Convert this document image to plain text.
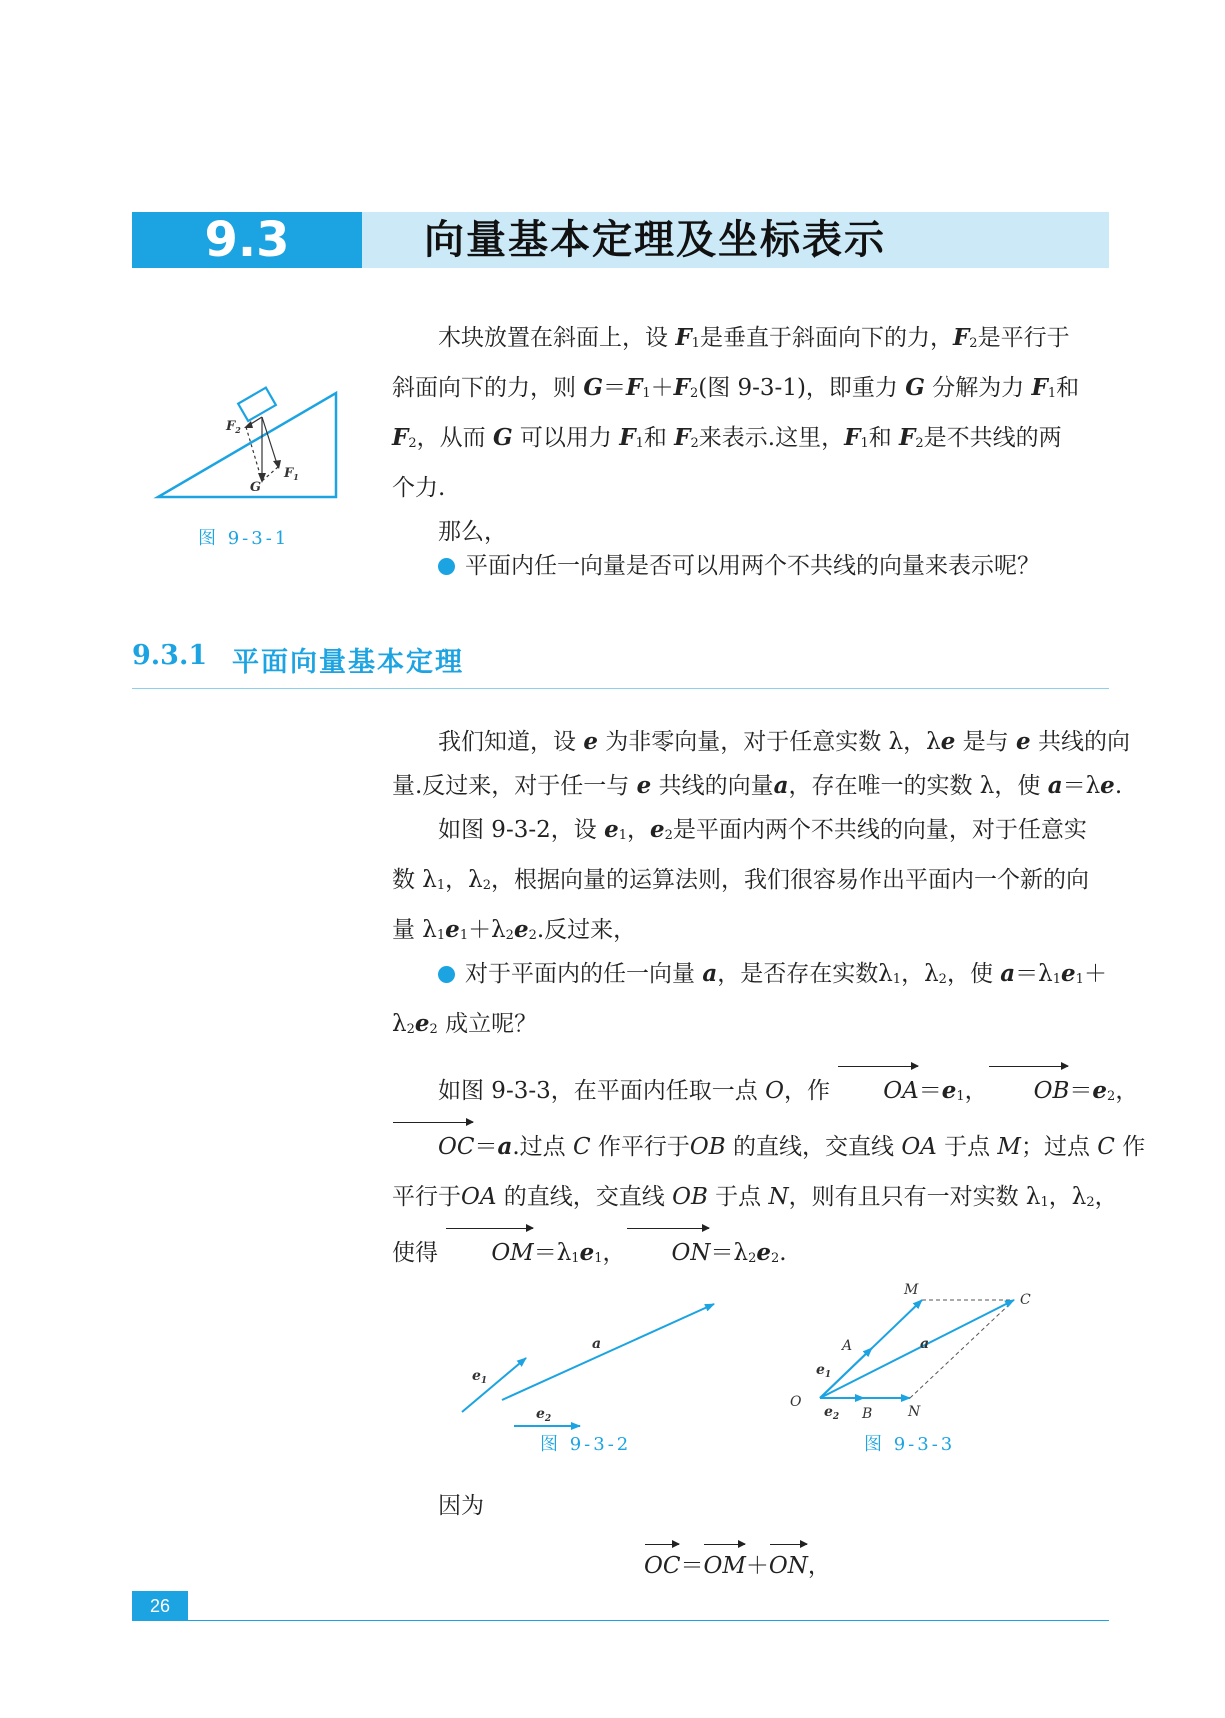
9.3	向量基本定理及坐标表示
$F_2$
$F_1$
G
图 9-3-1
木块放置在斜面上，设 $F_1$是垂直于斜面向下的力，$F_2$是平行于
斜面向下的力，则 $G=F_1+F_2$(图 9-3-1)，即重力 G 分解为力 $F_1$和
$F_2$，从而 G 可以用力 $F_1$和 $F_2$来表示.这里，$F_1$和 $F_2$是不共线的两
个力.
那么，
平面内任一向量是否可以用两个不共线的向量来表示呢？
9.3.1 平面向量基本定理
我们知道，设 e 为非零向量，对于任意实数 λ，λe 是与 e 共线的向
量.反过来，对于任一与 e 共线的向量a，存在唯一的实数 λ，使 a＝λe.
如图 9-3-2，设 $e_1$，$e_2$是平面内两个不共线的向量，对于任意实
数 $\lambda_1$，$\lambda_2$，根据向量的运算法则，我们很容易作出平面内一个新的向
量 $\lambda_1e_1+\lambda_2e_2$.反过来，
对于平面内的任一向量 a，是否存在实数$\lambda_1$，$\lambda_2$，使 $a=\lambda_1e_1+$
$\lambda_2e_2$ 成立呢？
如图 9-3-3，在平面内任取一点 O，作 $OA=e_1$， $OB=e_2$，
OC＝a.过点 C 作平行于OB 的直线，交直线 OA 于点 M；过点 C 作
平行于OA 的直线，交直线 OB 于点 N，则有且只有一对实数 $\lambda_1$，$\lambda_2$，
使得 $OM=\lambda_1e_1$， $ON=\lambda_2e_2$.
$e_1$
a
$e_2$
图 9-3-2
M
C
A	a
$e_1$
O
$e_2$ B	N
图 9-3-3
因为
OC＝OM＋ON，
26
